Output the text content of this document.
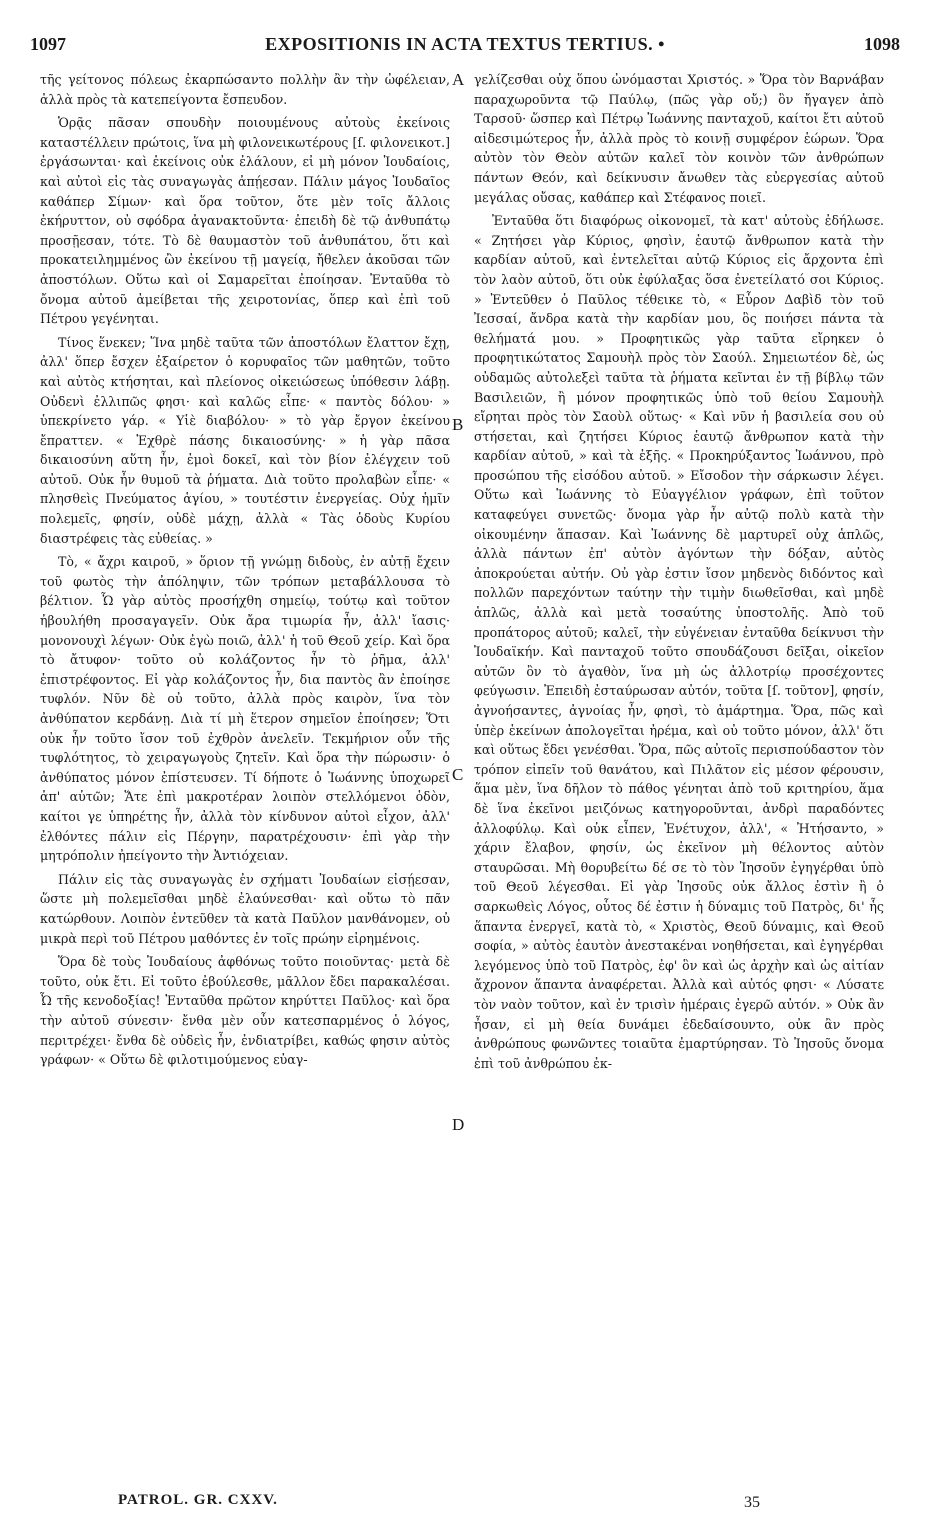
1097	EXPOSITIONIS IN ACTA TEXTUS TERTIUS. •	1098

τῆς γείτονος πόλεως ἐκαρπώσαντο πολλὴν ἂν τὴν ὠφέλειαν, ἀλλὰ πρὸς τὰ κατεπείγοντα ἔσπευδον.

Ὁρᾷς πᾶσαν σπουδὴν ποιουμένους αὐτοὺς ἐκείνοις καταστέλλειν πρώτοις, ἵνα μὴ φιλονεικωτέρους [ſ. φιλονεικοτ.] ἐργάσωνται· καὶ ἐκείνοις οὐκ ἐλάλουν, εἰ μὴ μόνον Ἰουδαίοις, καὶ αὐτοὶ εἰς τὰς συναγωγὰς ἀπῄεσαν. Πάλιν μάγος Ἰουδαῖος καθάπερ Σίμων· καὶ ὅρα τοῦτον, ὅτε μὲν τοῖς ἄλλοις ἐκήρυττον, οὐ σφόδρα ἀγανακτοῦντα· ἐπειδὴ δὲ τῷ ἀνθυπάτῳ προσῇεσαν, τότε. Τὸ δὲ θαυμαστὸν τοῦ ἀνθυπάτου, ὅτι καὶ προκατειλημμένος ὢν ἐκείνου τῇ μαγείᾳ, ἤθελεν ἀκοῦσαι τῶν ἀποστόλων. Οὕτω καὶ οἱ Σαμαρεῖται ἐποίησαν. Ἐνταῦθα τὸ ὄνομα αὐτοῦ ἀμείβεται τῆς χειροτονίας, ὅπερ καὶ ἐπὶ τοῦ Πέτρου γεγένηται.

Τίνος ἕνεκεν; Ἵνα μηδὲ ταῦτα τῶν ἀποστόλων ἔλαττον ἔχῃ, ἀλλ' ὅπερ ἔσχεν ἐξαίρετον ὁ κορυφαῖος τῶν μαθητῶν, τοῦτο καὶ αὐτὸς κτήσηται, καὶ πλείονος οἰκειώσεως ὑπόθεσιν λάβῃ. Οὐδενὶ ἐλλιπῶς φησι· καὶ καλῶς εἶπε· « παντὸς δόλου· » ὑπεκρίνετο γάρ. « Υἱὲ διαβόλου· » τὸ γὰρ ἔργον ἐκείνου ἔπραττεν. « Ἐχθρὲ πάσης δικαιοσύνης· » ἡ γὰρ πᾶσα δικαιοσύνη αὕτη ἦν, ἐμοὶ δοκεῖ, καὶ τὸν βίον ἐλέγχειν τοῦ αὐτοῦ. Οὐκ ἦν θυμοῦ τὰ ῥήματα. Διὰ τοῦτο προλαβὼν εἶπε· « πλησθεὶς Πνεύματος ἁγίου, » τουτέστιν ἐνεργείας. Οὐχ ἡμῖν πολεμεῖς, φησίν, οὐδὲ μάχῃ, ἀλλὰ « Τὰς ὁδοὺς Κυρίου διαστρέφεις τὰς εὐθείας. »

Τὸ, « ἄχρι καιροῦ, » ὅριον τῇ γνώμῃ διδοὺς, ἐν αὐτῇ ἔχειν τοῦ φωτὸς τὴν ἀπόληψιν, τῶν τρόπων μεταβάλλουσα τὸ βέλτιον. Ὧ γὰρ αὐτὸς προσήχθη σημείῳ, τούτῳ καὶ τοῦτον ἠβουλήθη προσαγαγεῖν. Οὐκ ἄρα τιμωρία ἦν, ἀλλ' ἴασις· μονονουχὶ λέγων· Οὐκ ἐγὼ ποιῶ, ἀλλ' ἡ τοῦ Θεοῦ χείρ. Καὶ ὅρα τὸ ἄτυφον· τοῦτο οὐ κολάζοντος ἦν τὸ ῥῆμα, ἀλλ' ἐπιστρέφοντος. Εἰ γὰρ κολάζοντος ἦν, δια παντὸς ἂν ἐποίησε τυφλόν. Νῦν δὲ οὐ τοῦτο, ἀλλὰ πρὸς καιρὸν, ἵνα τὸν ἀνθύπατον κερδάνῃ. Διὰ τί μὴ ἕτερον σημεῖον ἐποίησεν; Ὅτι οὐκ ἦν τοῦτο ἴσον τοῦ ἐχθρὸν ἀνελεῖν. Τεκμήριον οὖν τῆς τυφλότητος, τὸ χειραγωγοὺς ζητεῖν. Καὶ ὅρα τὴν πώρωσιν· ὁ ἀνθύπατος μόνον ἐπίστευσεν. Τί δήποτε ὁ Ἰωάννης ὑποχωρεῖ ἀπ' αὐτῶν; Ἅτε ἐπὶ μακροτέραν λοιπὸν στελλόμενοι ὁδὸν, καίτοι γε ὑπηρέτης ἦν, ἀλλὰ τὸν κίνδυνον αὐτοὶ εἶχον, ἀλλ' ἐλθόντες πάλιν εἰς Πέργην, παρατρέχουσιν· ἐπὶ γὰρ τὴν μητρόπολιν ἠπείγοντο τὴν Ἀντιόχειαν.

Πάλιν εἰς τὰς συναγωγὰς ἐν σχήματι Ἰουδαίων εἰσῄεσαν, ὥστε μὴ πολεμεῖσθαι μηδὲ ἐλαύνεσθαι· καὶ οὕτω τὸ πᾶν κατώρθουν. Λοιπὸν ἐντεῦθεν τὰ κατὰ Παῦλον μανθάνομεν, οὐ μικρὰ περὶ τοῦ Πέτρου μαθόντες ἐν τοῖς πρώην εἰρημένοις.

Ὅρα δὲ τοὺς Ἰουδαίους ἀφθόνως τοῦτο ποιοῦντας· μετὰ δὲ τοῦτο, οὐκ ἔτι. Εἰ τοῦτο ἐβούλεσθε, μᾶλλον ἔδει παρακαλέσαι. Ὦ τῆς κενοδοξίας! Ἐνταῦθα πρῶτον κηρύττει Παῦλος· καὶ ὅρα τὴν αὐτοῦ σύνεσιν· ἔνθα μὲν οὖν κατεσπαρμένος ὁ λόγος, περιτρέχει· ἔνθα δὲ οὐδεὶς ἦν, ἐνδιατρίβει, καθώς φησιν αὐτὸς γράφων· « Οὕτω δὲ φιλοτιμούμενος εὐαγ-

A
B
C
D

γελίζεσθαι οὐχ ὅπου ὠνόμασται Χριστός. » Ὅρα τὸν Βαρνάβαν παραχωροῦντα τῷ Παύλῳ, (πῶς γὰρ οὔ;) ὃν ἤγαγεν ἀπὸ Ταρσοῦ· ὥσπερ καὶ Πέτρῳ Ἰωάννης πανταχοῦ, καίτοι ἔτι αὐτοῦ αἰδεσιμώτερος ἦν, ἀλλὰ πρὸς τὸ κοινῇ συμφέρον ἑώρων. Ὅρα αὐτὸν τὸν Θεὸν αὐτῶν καλεῖ τὸν κοινὸν τῶν ἀνθρώπων πάντων Θεόν, καὶ δείκνυσιν ἄνωθεν τὰς εὐεργεσίας αὐτοῦ μεγάλας οὔσας, καθάπερ καὶ Στέφανος ποιεῖ.

Ἐνταῦθα ὅτι διαφόρως οἰκονομεῖ, τὰ κατ' αὐτοὺς ἐδήλωσε. « Ζητήσει γὰρ Κύριος, φησὶν, ἑαυτῷ ἄνθρωπον κατὰ τὴν καρδίαν αὐτοῦ, καὶ ἐντελεῖται αὐτῷ Κύριος εἰς ἄρχοντα ἐπὶ τὸν λαὸν αὐτοῦ, ὅτι οὐκ ἐφύλαξας ὅσα ἐνετείλατό σοι Κύριος. » Ἐντεῦθεν ὁ Παῦλος τέθεικε τὸ, « Εὗρον Δαβὶδ τὸν τοῦ Ἰεσσαί, ἄνδρα κατὰ τὴν καρδίαν μου, ὃς ποιήσει πάντα τὰ θελήματά μου. » Προφητικῶς γὰρ ταῦτα εἴρηκεν ὁ προφητικώτατος Σαμουὴλ πρὸς τὸν Σαούλ. Σημειωτέον δὲ, ὡς οὐδαμῶς αὐτολεξεὶ ταῦτα τὰ ῥήματα κεῖνται ἐν τῇ βίβλῳ τῶν Βασιλειῶν, ἢ μόνον προφητικῶς ὑπὸ τοῦ θείου Σαμουὴλ εἴρηται πρὸς τὸν Σαοὺλ οὕτως· « Καὶ νῦν ἡ βασιλεία σου οὐ στήσεται, καὶ ζητήσει Κύριος ἑαυτῷ ἄνθρωπον κατὰ τὴν καρδίαν αὐτοῦ, » καὶ τὰ ἑξῆς. « Προκηρύξαντος Ἰωάννου, πρὸ προσώπου τῆς εἰσόδου αὐτοῦ. » Εἴσοδον τὴν σάρκωσιν λέγει. Οὕτω καὶ Ἰωάννης τὸ Εὐαγγέλιον γράφων, ἐπὶ τοῦτον καταφεύγει συνετῶς· ὄνομα γὰρ ἦν αὐτῷ πολὺ κατὰ τὴν οἰκουμένην ἅπασαν. Καὶ Ἰωάννης δὲ μαρτυρεῖ οὐχ ἁπλῶς, ἀλλὰ πάντων ἐπ' αὐτὸν ἀγόντων τὴν δόξαν, αὐτὸς ἀποκρούεται αὐτήν. Οὐ γὰρ ἐστιν ἴσον μηδενὸς διδόντος καὶ πολλῶν παρεχόντων ταύτην τὴν τιμὴν διωθεῖσθαι, καὶ μηδὲ ἁπλῶς, ἀλλὰ καὶ μετὰ τοσαύτης ὑποστολῆς. Ἀπὸ τοῦ προπάτορος αὐτοῦ; καλεῖ, τὴν εὐγένειαν ἐνταῦθα δείκνυσι τὴν Ἰουδαϊκήν. Καὶ πανταχοῦ τοῦτο σπουδάζουσι δεῖξαι, οἰκεῖον αὐτῶν ὂν τὸ ἀγαθὸν, ἵνα μὴ ὡς ἀλλοτρίῳ προσέχοντες φεύγωσιν. Ἐπειδὴ ἐσταύρωσαν αὐτόν, τοῦτα [ſ. τοῦτον], φησίν, ἀγνοήσαντες, ἀγνοίας ἦν, φησὶ, τὸ ἁμάρτημα. Ὅρα, πῶς καὶ ὑπὲρ ἐκείνων ἀπολογεῖται ἠρέμα, καὶ οὐ τοῦτο μόνον, ἀλλ' ὅτι καὶ οὕτως ἔδει γενέσθαι. Ὅρα, πῶς αὐτοῖς περισπούδαστον τὸν τρόπον εἰπεῖν τοῦ θανάτου, καὶ Πιλᾶτον εἰς μέσον φέρουσιν, ἅμα μὲν, ἵνα δῆλον τὸ πάθος γένηται ἀπὸ τοῦ κριτηρίου, ἅμα δὲ ἵνα ἐκεῖνοι μειζόνως κατηγοροῦνται, ἀνδρὶ παραδόντες ἀλλοφύλῳ. Καὶ οὐκ εἶπεν, Ἐνέτυχον, ἀλλ', « Ἠτήσαντο, » χάριν ἔλαβον, φησίν, ὡς ἐκεῖνον μὴ θέλοντος αὐτὸν σταυρῶσαι. Μὴ θορυβείτω δέ σε τὸ τὸν Ἰησοῦν ἐγηγέρθαι ὑπὸ τοῦ Θεοῦ λέγεσθαι. Εἰ γὰρ Ἰησοῦς οὐκ ἄλλος ἐστὶν ἢ ὁ σαρκωθεὶς Λόγος, οὗτος δέ ἐστιν ἡ δύναμις τοῦ Πατρὸς, δι' ἧς ἅπαντα ἐνεργεῖ, κατὰ τὸ, « Χριστὸς, Θεοῦ δύναμις, καὶ Θεοῦ σοφία, » αὐτὸς ἑαυτὸν ἀνεστακέναι νοηθήσεται, καὶ ἐγηγέρθαι λεγόμενος ὑπὸ τοῦ Πατρὸς, ἐφ' ὃν καὶ ὡς ἀρχὴν καὶ ὡς αἰτίαν ἄχρονον ἅπαντα ἀναφέρεται. Ἀλλὰ καὶ αὐτός φησι· « Λύσατε τὸν ναὸν τοῦτον, καὶ ἐν τρισὶν ἡμέραις ἐγερῶ αὐτόν. » Οὐκ ἂν ἦσαν, εἰ μὴ θεία δυνάμει ἐδεδαίσουντο, οὐκ ἂν πρὸς ἀνθρώπους φωνῶντες τοιαῦτα ἐμαρτύρησαν. Τὸ Ἰησοῦς ὄνομα ἐπὶ τοῦ ἀνθρώπου ἐκ-

PATROL. GR. CXXV.	35
